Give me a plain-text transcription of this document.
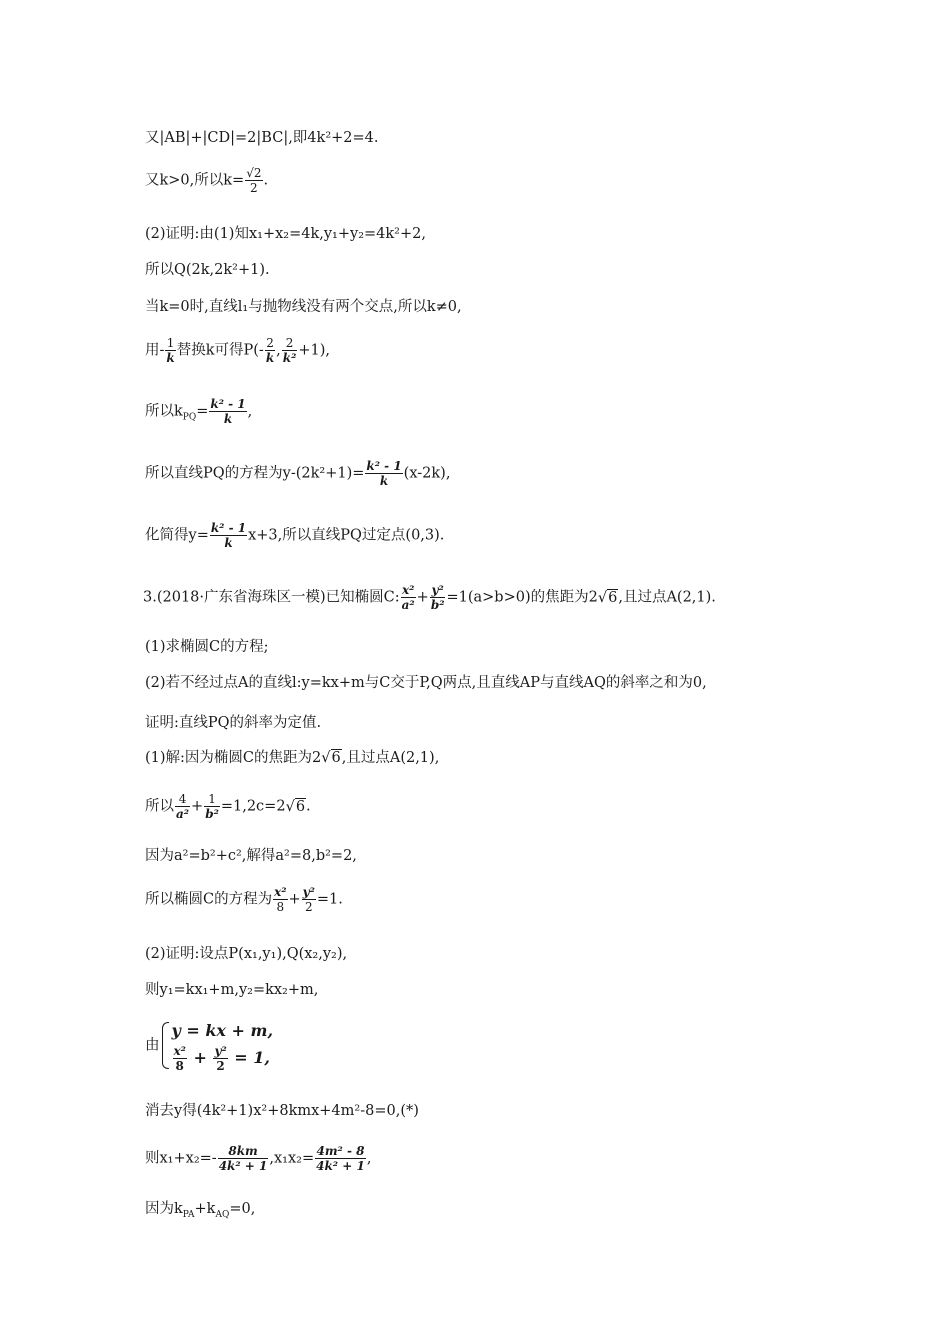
又|AB|+|CD|=2|BC|,即4k²+2=4.
又k>0,所以$k= \frac{√2}{2}$ .
(2)证明:由(1)知x₁+x₂=4k,y₁+y₂=4k²+2,
所以Q(2k,2k²+1).
当k=0时,直线l₁与抛物线没有两个交点,所以k≠0,
用- $\frac{1}{k}$ 替换k可得$P(- \frac{2}{k}$ , $\frac{2}{\text{k²}} +1$),
所以$k_{PQ}= \frac{\text{k² - 1}}{k}$ ,
所以直线PQ的方程为$y-(2k^2+1)= \frac{\text{k² - 1}}{k} (x-2k)$,
化简得$y= \frac{\text{k² - 1}}{k} x+3$,所以直线PQ过定点(0,3).
3.(2018·广东省海珠区一模)已知椭圆C: $\frac{\text{x²}}{\text{a²}} + \frac{\text{y²}}{\text{b²}} =1(a>b>0)$的焦距为2√6,且过点A(2,1).
(1)求椭圆C的方程;
(2)若不经过点A的直线l:y=kx+m与C交于P,Q两点,且直线AP与直线AQ的斜率之和为0,
证明:直线PQ的斜率为定值.
(1)解:因为椭圆C的焦距为2√6,且过点A(2,1),
所以 $\frac{4}{\text{a²}} + \frac{1}{\text{b²}} =1,2c=2√6$.
因为a²=b²+c²,解得a²=8,b²=2,
所以椭圆C的方程为 $\frac{\text{x²}}{8} + \frac{\text{y²}}{2} =1$.
(2)证明:设点P(x₁,y₁),Q(x₂,y₂),
则y₁=kx₁+m,y₂=kx₂+m,
由
y = kx + m,
$\frac{\text{x²}}{8} + \frac{\text{y²}}{2} = 1$,
消去y得(4k²+1)x²+8kmx+4m²-8=0,(*)
则$x_1+x_2=- \frac{8km}{\text{4k² + 1}} ,x_1x_2= \frac{\text{4m² - 8}}{\text{4k² + 1}}$ ,
因为$k_{PA}+k_{AQ}=0$,
